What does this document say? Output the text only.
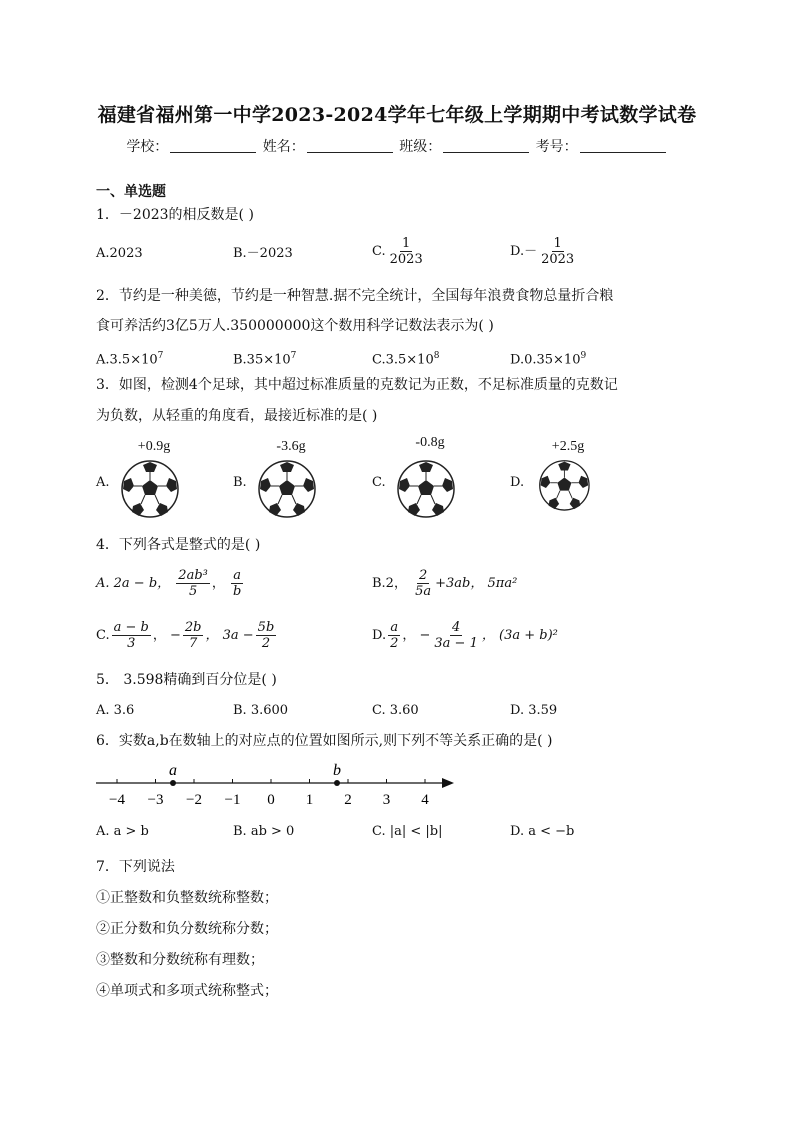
福建省福州第一中学2023-2024学年七年级上学期期中考试数学试卷
学校：	姓名：	班级：	考号：
一、单选题
1．－2023的相反数是( )
A.2023	B.－2023	C. $\frac{1}{2023}$	$D.- \frac{1}{2023}$
2．节约是一种美德，节约是一种智慧.据不完全统计，全国每年浪费食物总量折合粮
食可养活约3亿5万人.350000000这个数用科学记数法表示为( )
$A.3.5\times 10^7$	$B.35\times 10^7$	$C.3.5\times 10^8$	$D.0.35\times 10^9$
3．如图，检测4个足球，其中超过标准质量的克数记为正数，不足标准质量的克数记
为负数，从轻重的角度看，最接近标准的是( )
A.
+0.9g
B.
-3.6g
C.
-0.8g
D.
+2.5g
4．下列各式是整式的是( )
A. 2a − b， $\frac{\text{2ab³}}{5}$ ， $\frac{a}{b}$	B.2， $\frac{2}{5a} +3ab$， 5πa²
C. $\frac{a - b}{3}$ ， − $\frac{2b}{7}$ ， $3a - \frac{5b}{2}$	D. $\frac{a}{2}$ ， − $\frac{4}{3a - 1}$ ， (3a + b)²
5． 3.598精确到百分位是( )
A. 3.6	B. 3.600	C. 3.60	D. 3.59
6．实数a,b在数轴上的对应点的位置如图所示,则下列不等关系正确的是( )
−4 −3 −2 −1 0 1 2 3 4
a	b
A. a > b	B. ab > 0	C. |a| < |b|	D. a < −b
7．下列说法
①正整数和负整数统称整数；
②正分数和负分数统称分数；
③整数和分数统称有理数；
④单项式和多项式统称整式；
